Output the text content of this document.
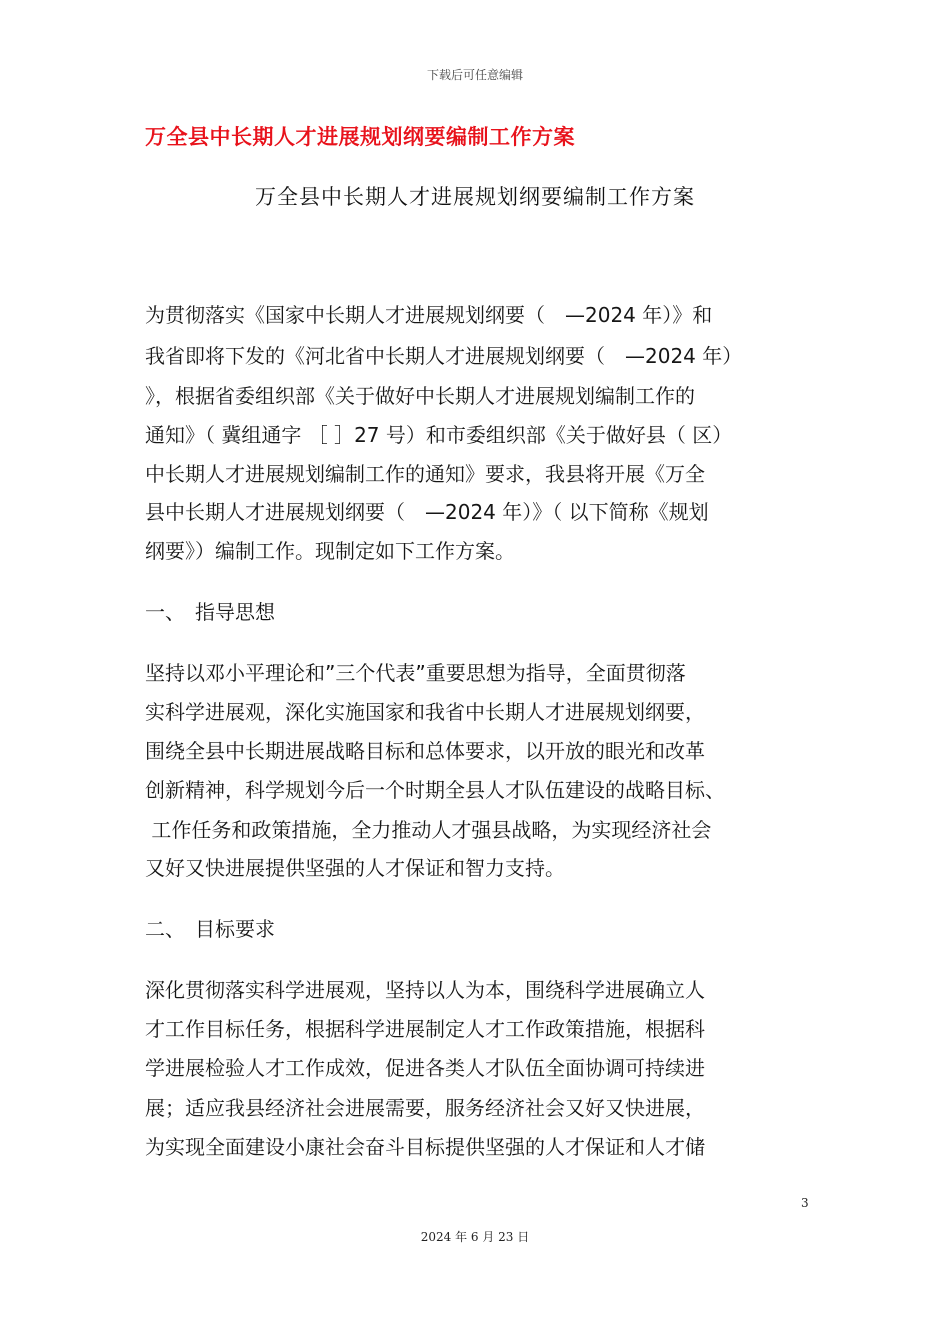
下载后可任意编辑
万全县中长期人才进展规划纲要编制工作方案
万全县中长期人才进展规划纲要编制工作方案
为贯彻落实《国家中长期人才进展规划纲要（　—2024 年）》和
我省即将下发的《河北省中长期人才进展规划纲要（　—2024 年）
》，根据省委组织部《关于做好中长期人才进展规划编制工作的
通知》（ 冀组通字 ［ ］27 号）和市委组织部《关于做好县（ 区）
中长期人才进展规划编制工作的通知》要求，我县将开展《万全
县中长期人才进展规划纲要（　—2024 年）》（ 以下简称《规划
纲要》）编制工作。现制定如下工作方案。
一、　指导思想
坚持以邓小平理论和”三个代表”重要思想为指导，全面贯彻落
实科学进展观，深化实施国家和我省中长期人才进展规划纲要，
围绕全县中长期进展战略目标和总体要求，以开放的眼光和改革
创新精神，科学规划今后一个时期全县人才队伍建设的战略目标、
工作任务和政策措施，全力推动人才强县战略，为实现经济社会
又好又快进展提供坚强的人才保证和智力支持。
二、　目标要求
深化贯彻落实科学进展观，坚持以人为本，围绕科学进展确立人
才工作目标任务，根据科学进展制定人才工作政策措施，根据科
学进展检验人才工作成效，促进各类人才队伍全面协调可持续进
展；适应我县经济社会进展需要，服务经济社会又好又快进展，
为实现全面建设小康社会奋斗目标提供坚强的人才保证和人才储
3
2024 年 6 月 23 日
